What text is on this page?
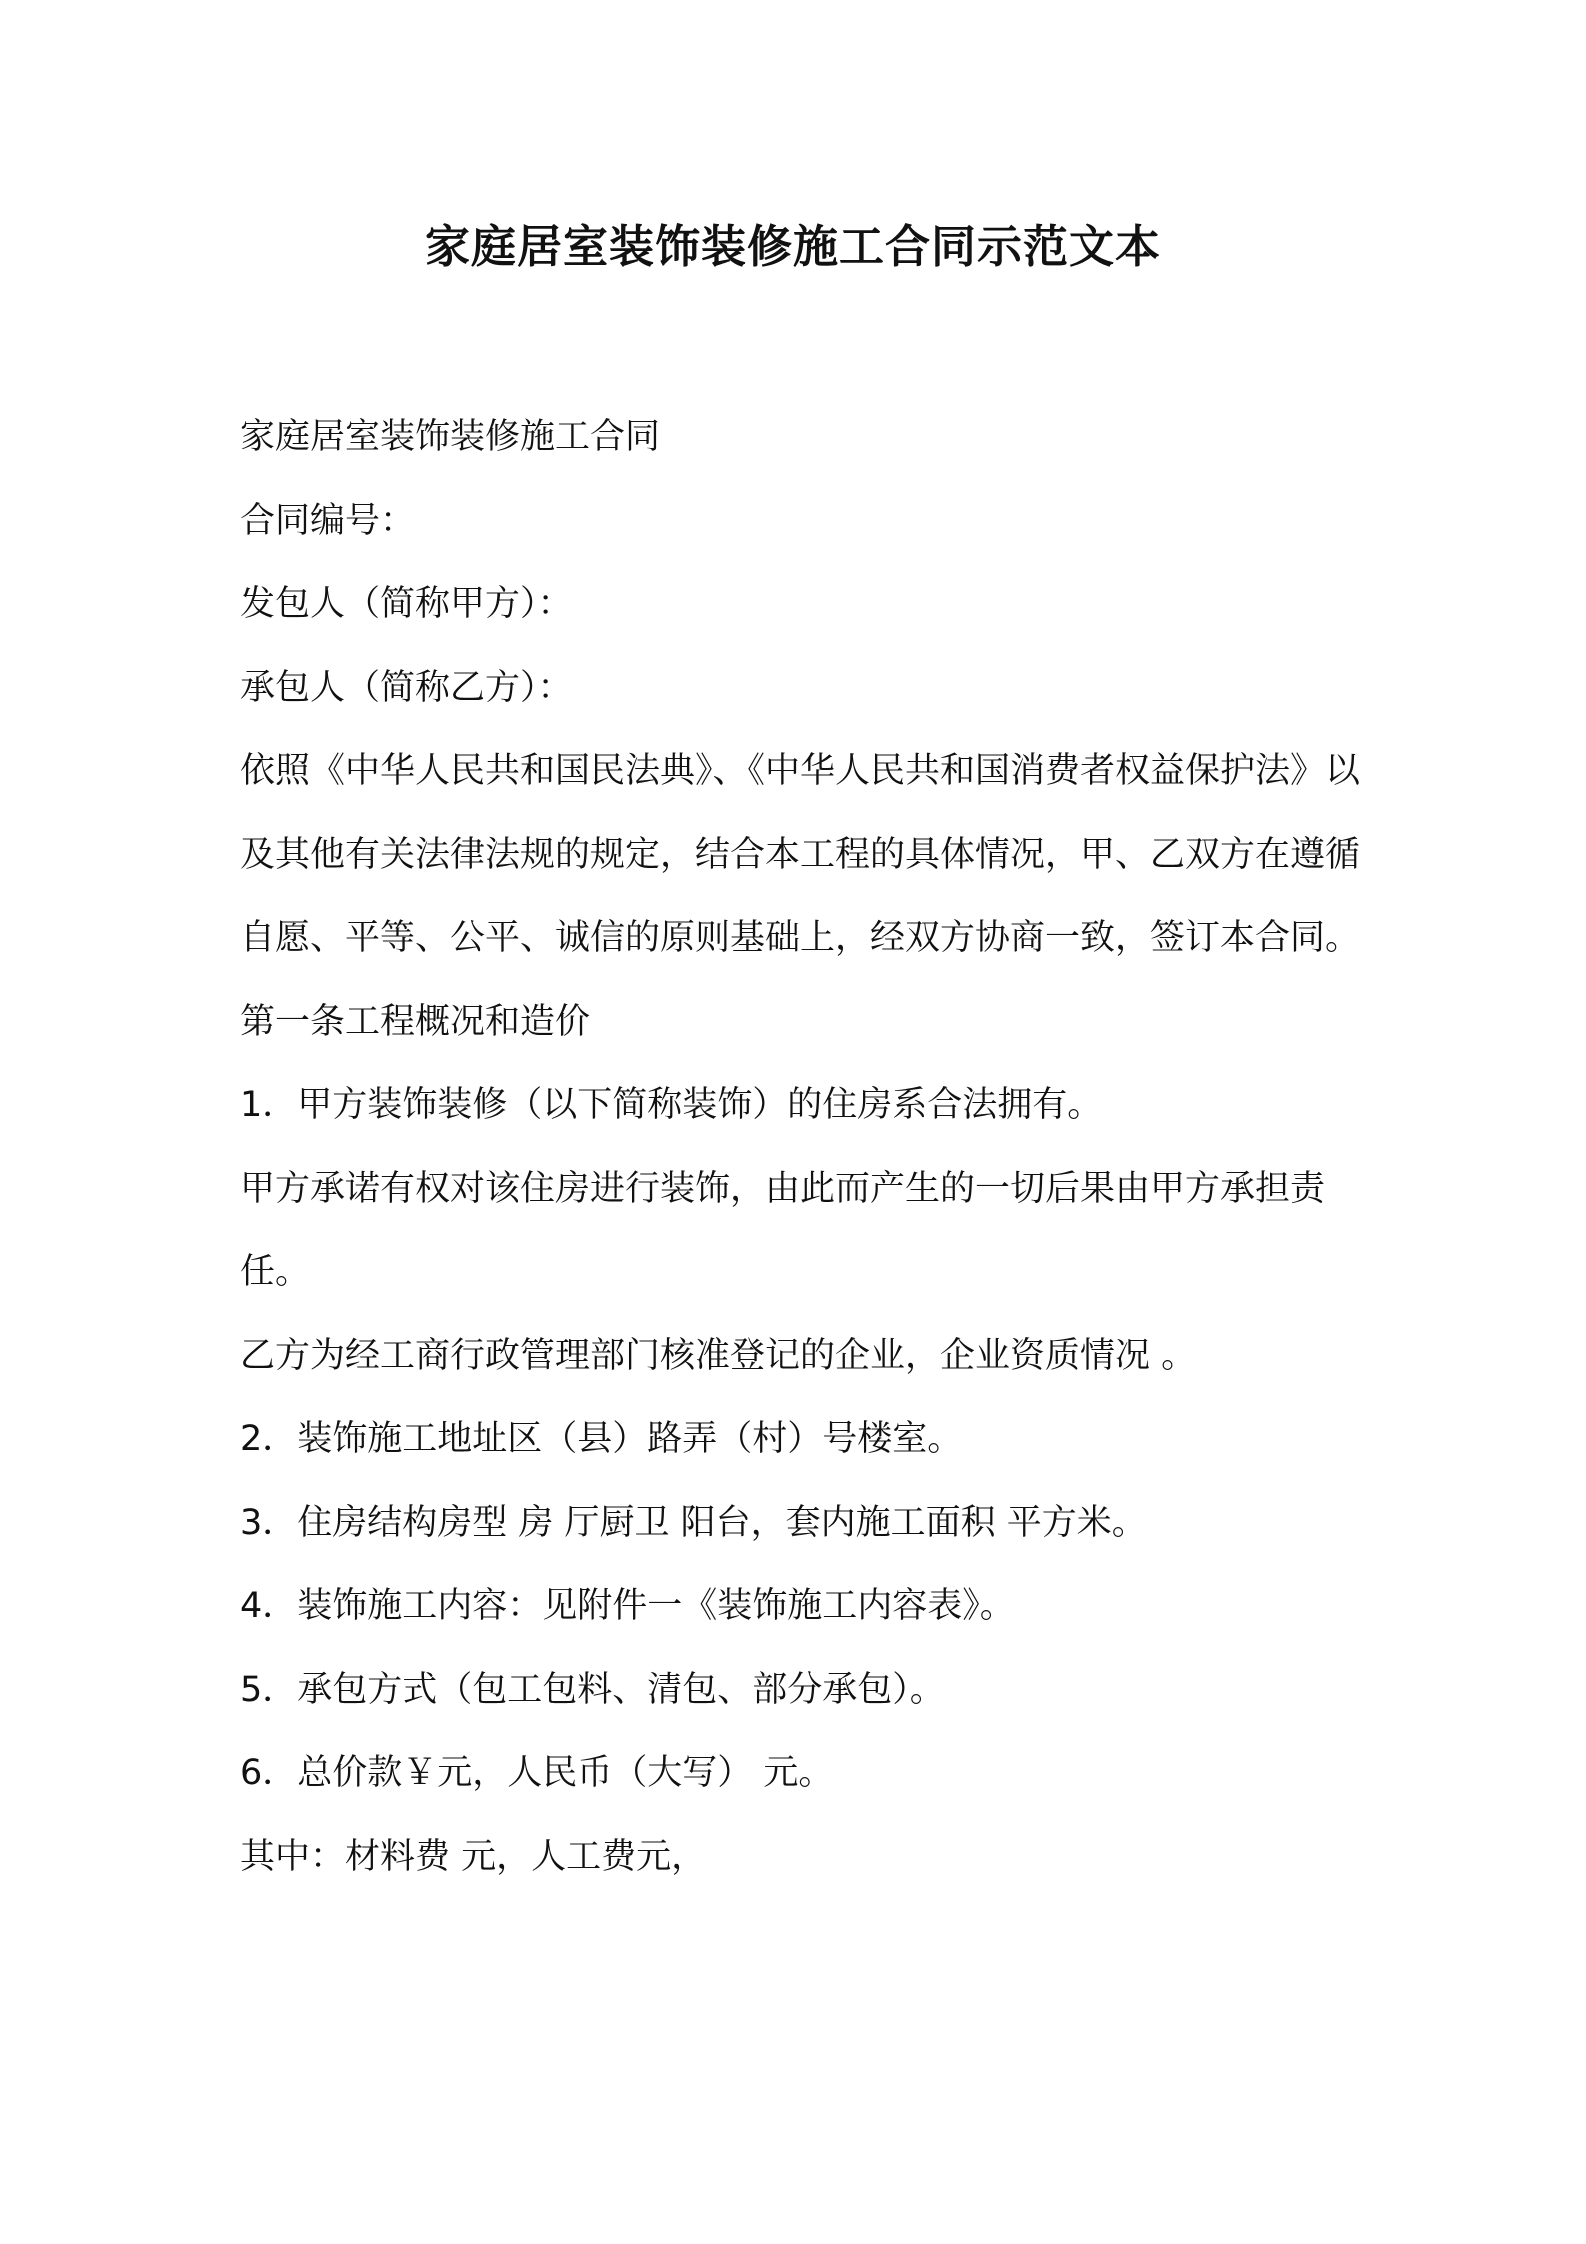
家庭居室装饰装修施工合同示范文本

家庭居室装饰装修施工合同

合同编号：

发包人（简称甲方）：

承包人（简称乙方）：

依照《中华人民共和国民法典》、《中华人民共和国消费者权益保护法》以及其他有关法律法规的规定，结合本工程的具体情况，甲、乙双方在遵循自愿、平等、公平、诚信的原则基础上，经双方协商一致，签订本合同。

第一条工程概况和造价

1．甲方装饰装修（以下简称装饰）的住房系合法拥有。

甲方承诺有权对该住房进行装饰，由此而产生的一切后果由甲方承担责任。

乙方为经工商行政管理部门核准登记的企业，企业资质情况 。

2．装饰施工地址区（县）路弄（村）号楼室。

3．住房结构房型 房 厅厨卫 阳台，套内施工面积 平方米。

4．装饰施工内容：见附件一《装饰施工内容表》。

5．承包方式（包工包料、清包、部分承包）。

6．总价款￥元，人民币（大写） 元。

其中：材料费 元，人工费元，
